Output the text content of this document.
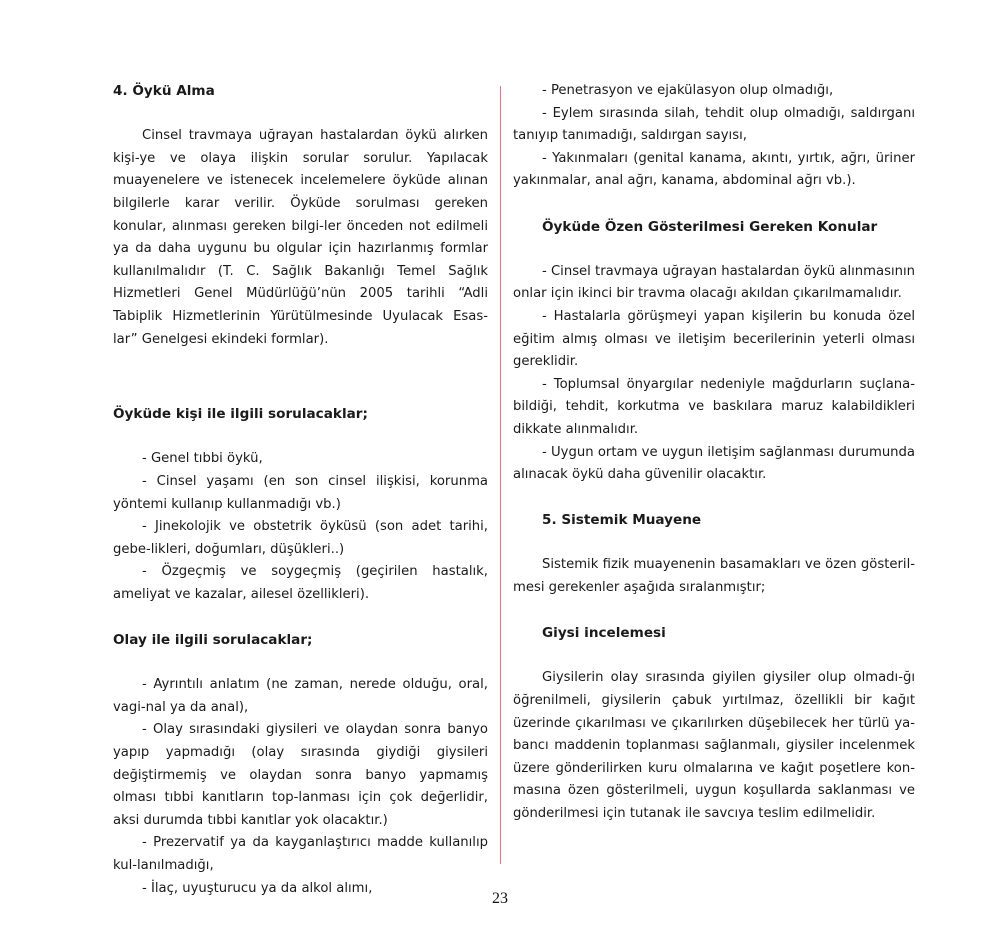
4. Öykü Alma

Cinsel travmaya uğrayan hastalardan öykü alırken kişi-ye ve olaya ilişkin sorular sorulur. Yapılacak muayenelere ve istenecek incelemelere öyküde alınan bilgilerle karar verilir. Öyküde sorulması gereken konular, alınması gereken bilgi-ler önceden not edilmeli ya da daha uygunu bu olgular için hazırlanmış formlar kullanılmalıdır (T. C. Sağlık Bakanlığı Temel Sağlık Hizmetleri Genel Müdürlüğü’nün 2005 tarihli “Adli Tabiplik Hizmetlerinin Yürütülmesinde Uyulacak Esas-lar” Genelgesi ekindeki formlar).

Öyküde kişi ile ilgili sorulacaklar;

- Genel tıbbi öykü,

- Cinsel yaşamı (en son cinsel ilişkisi, korunma yöntemi kullanıp kullanmadığı vb.)

- Jinekolojik ve obstetrik öyküsü (son adet tarihi, gebe-likleri, doğumları, düşükleri..)

- Özgeçmiş ve soygeçmiş (geçirilen hastalık, ameliyat ve kazalar, ailesel özellikleri).

Olay ile ilgili sorulacaklar;

- Ayrıntılı anlatım (ne zaman, nerede olduğu, oral, vagi-nal ya da anal),

- Olay sırasındaki giysileri ve olaydan sonra banyo yapıp yapmadığı (olay sırasında giydiği giysileri değiştirmemiş ve olaydan sonra banyo yapmamış olması tıbbi kanıtların top-lanması için çok değerlidir, aksi durumda tıbbi kanıtlar yok olacaktır.)

- Prezervatif ya da kayganlaştırıcı madde kullanılıp kul-lanılmadığı,

- İlaç, uyuşturucu ya da alkol alımı,

- Penetrasyon ve ejakülasyon olup olmadığı,

- Eylem sırasında silah, tehdit olup olmadığı, saldırganı tanıyıp tanımadığı, saldırgan sayısı,

- Yakınmaları (genital kanama, akıntı, yırtık, ağrı, üriner yakınmalar, anal ağrı, kanama, abdominal ağrı vb.).

Öyküde Özen Gösterilmesi Gereken Konular

- Cinsel travmaya uğrayan hastalardan öykü alınmasının onlar için ikinci bir travma olacağı akıldan çıkarılmamalıdır.

- Hastalarla görüşmeyi yapan kişilerin bu konuda özel eğitim almış olması ve iletişim becerilerinin yeterli olması gereklidir.

- Toplumsal önyargılar nedeniyle mağdurların suçlana-bildiği, tehdit, korkutma ve baskılara maruz kalabildikleri dikkate alınmalıdır.

- Uygun ortam ve uygun iletişim sağlanması durumunda alınacak öykü daha güvenilir olacaktır.

5. Sistemik Muayene

Sistemik fizik muayenenin basamakları ve özen gösteril-mesi gerekenler aşağıda sıralanmıştır;

Giysi incelemesi

Giysilerin olay sırasında giyilen giysiler olup olmadı-ğı öğrenilmeli, giysilerin çabuk yırtılmaz, özellikli bir kağıt üzerinde çıkarılması ve çıkarılırken düşebilecek her türlü ya-bancı maddenin toplanması sağlanmalı, giysiler incelenmek üzere gönderilirken kuru olmalarına ve kağıt poşetlere kon-masına özen gösterilmeli, uygun koşullarda saklanması ve gönderilmesi için tutanak ile savcıya teslim edilmelidir.

23
